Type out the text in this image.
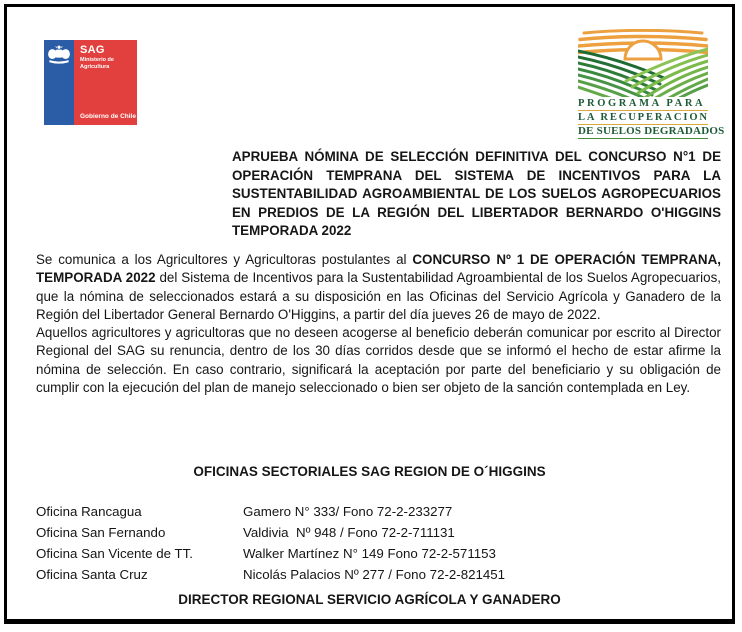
SAG
Ministerio de Agricultura
Gobierno de Chile
PROGRAMA PARA
LA RECUPERACION
DE SUELOS DEGRADADOS
APRUEBA NÓMINA DE SELECCIÓN DEFINITIVA DEL CONCURSO N°1 DE OPERACIÓN TEMPRANA DEL SISTEMA DE INCENTIVOS PARA LA SUSTENTABILIDAD AGROAMBIENTAL DE LOS SUELOS AGROPECUARIOS EN PREDIOS DE LA REGIÓN DEL LIBERTADOR BERNARDO O'HIGGINS TEMPORADA 2022

Se comunica a los Agricultores y Agricultoras postulantes al CONCURSO Nº 1 DE OPERACIÓN TEMPRANA, TEMPORADA 2022 del Sistema de Incentivos para la Sustentabilidad Agroambiental de los Suelos Agropecuarios, que la nómina de seleccionados estará a su disposición en las Oficinas del Servicio Agrícola y Ganadero de la Región del Libertador General Bernardo O'Higgins, a partir del día jueves 26 de mayo de 2022.

Aquellos agricultores y agricultoras que no deseen acogerse al beneficio deberán comunicar por escrito al Director Regional del SAG su renuncia, dentro de los 30 días corridos desde que se informó el hecho de estar afirme la nómina de selección. En caso contrario, significará la aceptación por parte del beneficiario y su obligación de cumplir con la ejecución del plan de manejo seleccionado o bien ser objeto de la sanción contemplada en Ley.

OFICINAS SECTORIALES SAG REGION DE O´HIGGINS
Oficina Rancagua	Gamero N° 333/ Fono 72-2-233277
Oficina San Fernando	Valdivia  Nº 948 / Fono 72-2-711131
Oficina San Vicente de TT.	Walker Martínez N° 149 Fono 72-2-571153
Oficina Santa Cruz	Nicolás Palacios Nº 277 / Fono 72-2-821451
DIRECTOR REGIONAL SERVICIO AGRÍCOLA Y GANADERO
